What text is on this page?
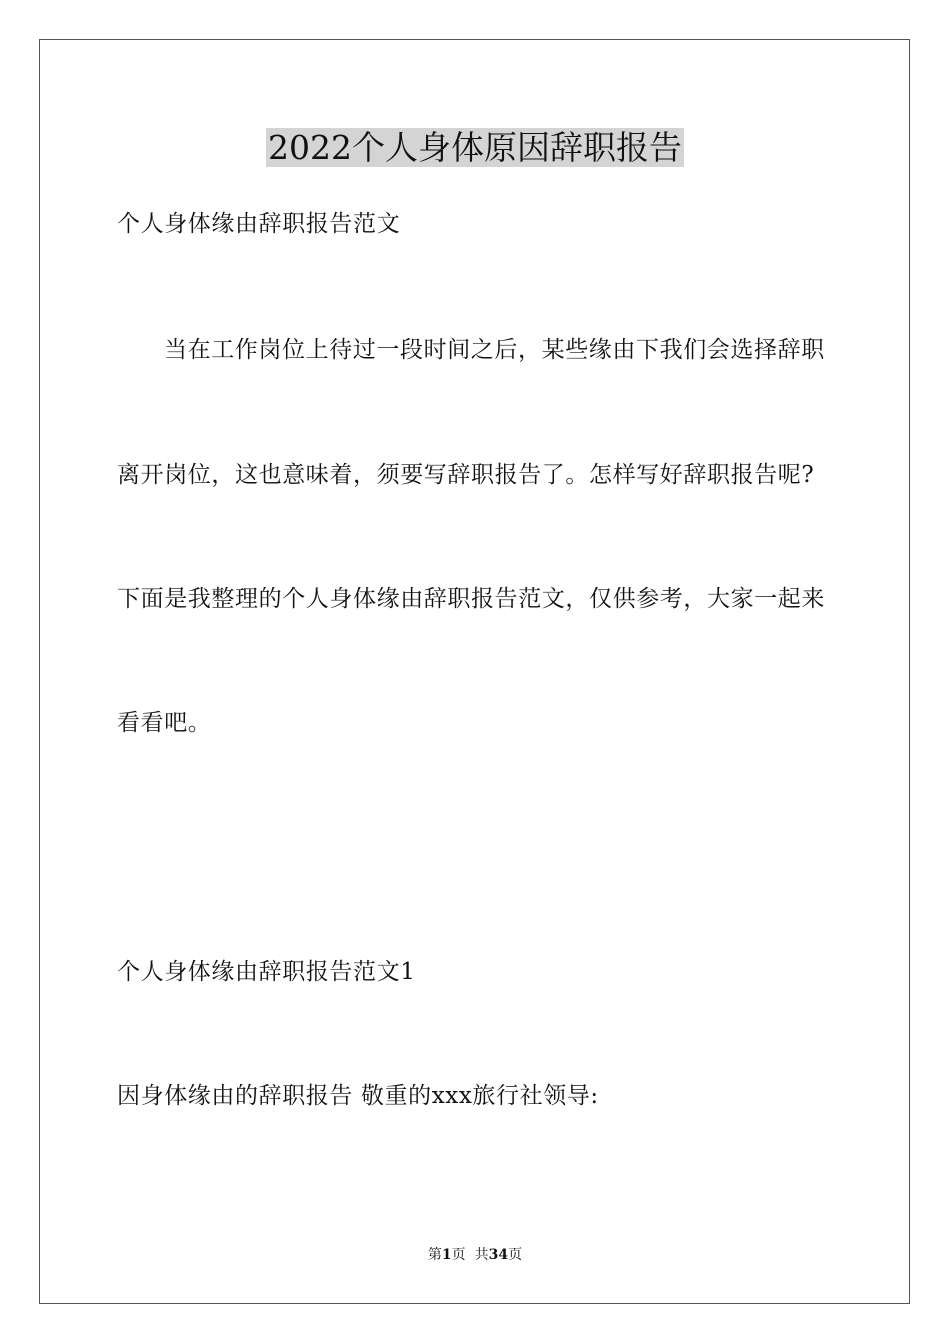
2022个人身体原因辞职报告
个人身体缘由辞职报告范文
当在工作岗位上待过一段时间之后，某些缘由下我们会选择辞职
离开岗位，这也意味着，须要写辞职报告了。怎样写好辞职报告呢?
下面是我整理的个人身体缘由辞职报告范文，仅供参考，大家一起来
看看吧。
个人身体缘由辞职报告范文1
因身体缘由的辞职报告 敬重的xxx旅行社领导:
第1页  共34页
